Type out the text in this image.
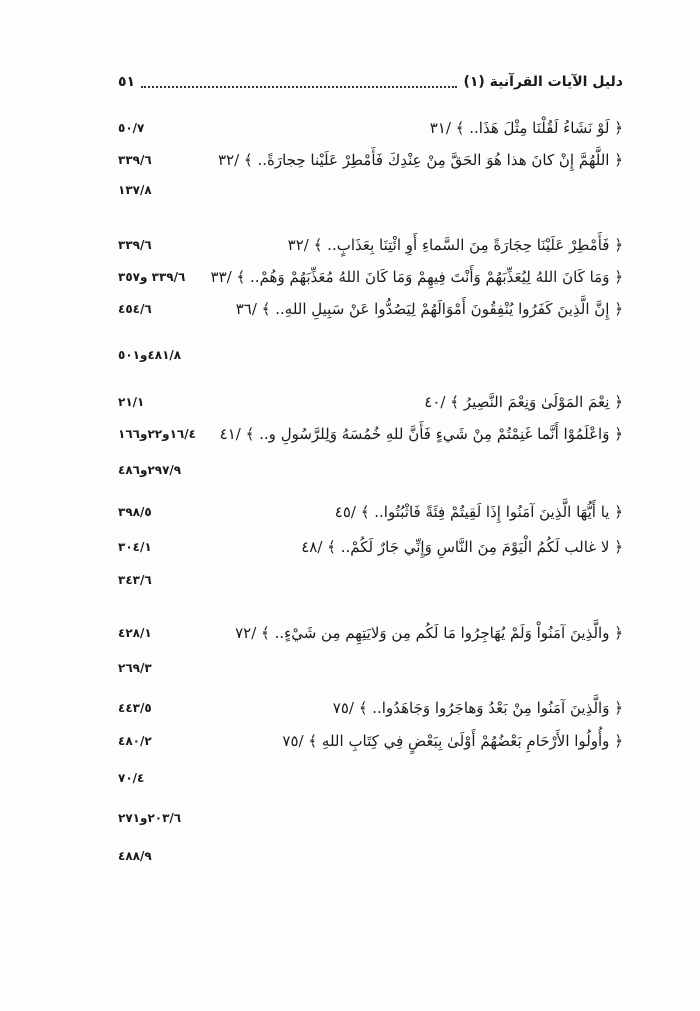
دليل الآيات القرآنية (١)
٥١
﴿ لَوْ نَشَاءُ لَقُلْنَا مِثْلَ هَذَا.. ﴾ /٣١
٥٠/٧
﴿ اللَّهُمَّ إِنْ كانَ هذا هُوَ الحَقَّ مِنْ عِنْدِكَ فَأَمْطِرْ عَلَيْنا حِجارَةً.. ﴾ /٣٢
٣٣٩/٦
١٣٧/٨
﴿ فَأَمْطِرْ عَلَيْنَا حِجَارَةً مِنَ السَّماءِ أَوِ ائْتِنَا بِعَذَابٍ.. ﴾ /٣٢
٣٣٩/٦
﴿ وَمَا كَانَ اللهُ لِيُعَذِّبَهُمْ وَأَنْتَ فِيهِمْ وَمَا كَانَ اللهُ مُعَذِّبَهُمْ وَهُمْ.. ﴾ /٣٣
٣٣٩/٦ و٣٥٧
﴿ إِنَّ الَّذِينَ كَفَرُوا يُنْفِقُونَ أَمْوَالَهُمْ لِيَصُدُّوا عَنْ سَبِيلِ اللهِ.. ﴾ /٣٦
٤٥٤/٦
٤٨١/٨و٥٠١
﴿ نِعْمَ المَوْلَىٰ وَنِعْمَ النَّصِيرُ ﴾ /٤٠
٢١/١
﴿ وَاعْلَمُوْا أَنَّما غَنِمْتُمْ مِنْ شَيءٍ فَأَنَّ للهِ خُمُسَهُ وَلِلرَّسُولِ و.. ﴾ /٤١
١٦/٤و٢٢و١٦٦
٢٩٧/٩و٤٨٦
﴿ يا أَيُّهَا الَّذِينَ آمَنُوا إِذَا لَقِيتُمْ فِئَةً فَاثْبُتُوا.. ﴾ /٤٥
٣٩٨/٥
﴿ لا غالب لَكُمُ الْيَوْمَ مِنَ النَّاسِ وَإِنِّي جَارٌ لَكُمْ.. ﴾ /٤٨
٣٠٤/١
٣٤٣/٦
﴿ والَّذِينَ آمَنُواْ وَلَمْ يُهَاجِرُوا مَا لَكُم مِن وَلايَتِهِم مِن شَيْءٍ.. ﴾ /٧٢
٤٢٨/١
٢٦٩/٣
﴿ وَالَّذِينَ آمَنُوا مِنْ بَعْدُ وَهاجَرُوا وَجَاهَدُوا.. ﴾ /٧٥
٤٤٣/٥
﴿ وأُولُوا الأَرْحَامِ بَعْضُهُمْ أَوْلَىٰ بِبَعْضٍ فِي كِتَابِ اللهِ ﴾ /٧٥
٤٨٠/٢
٧٠/٤
٢٠٣/٦و٢٧١
٤٨٨/٩
